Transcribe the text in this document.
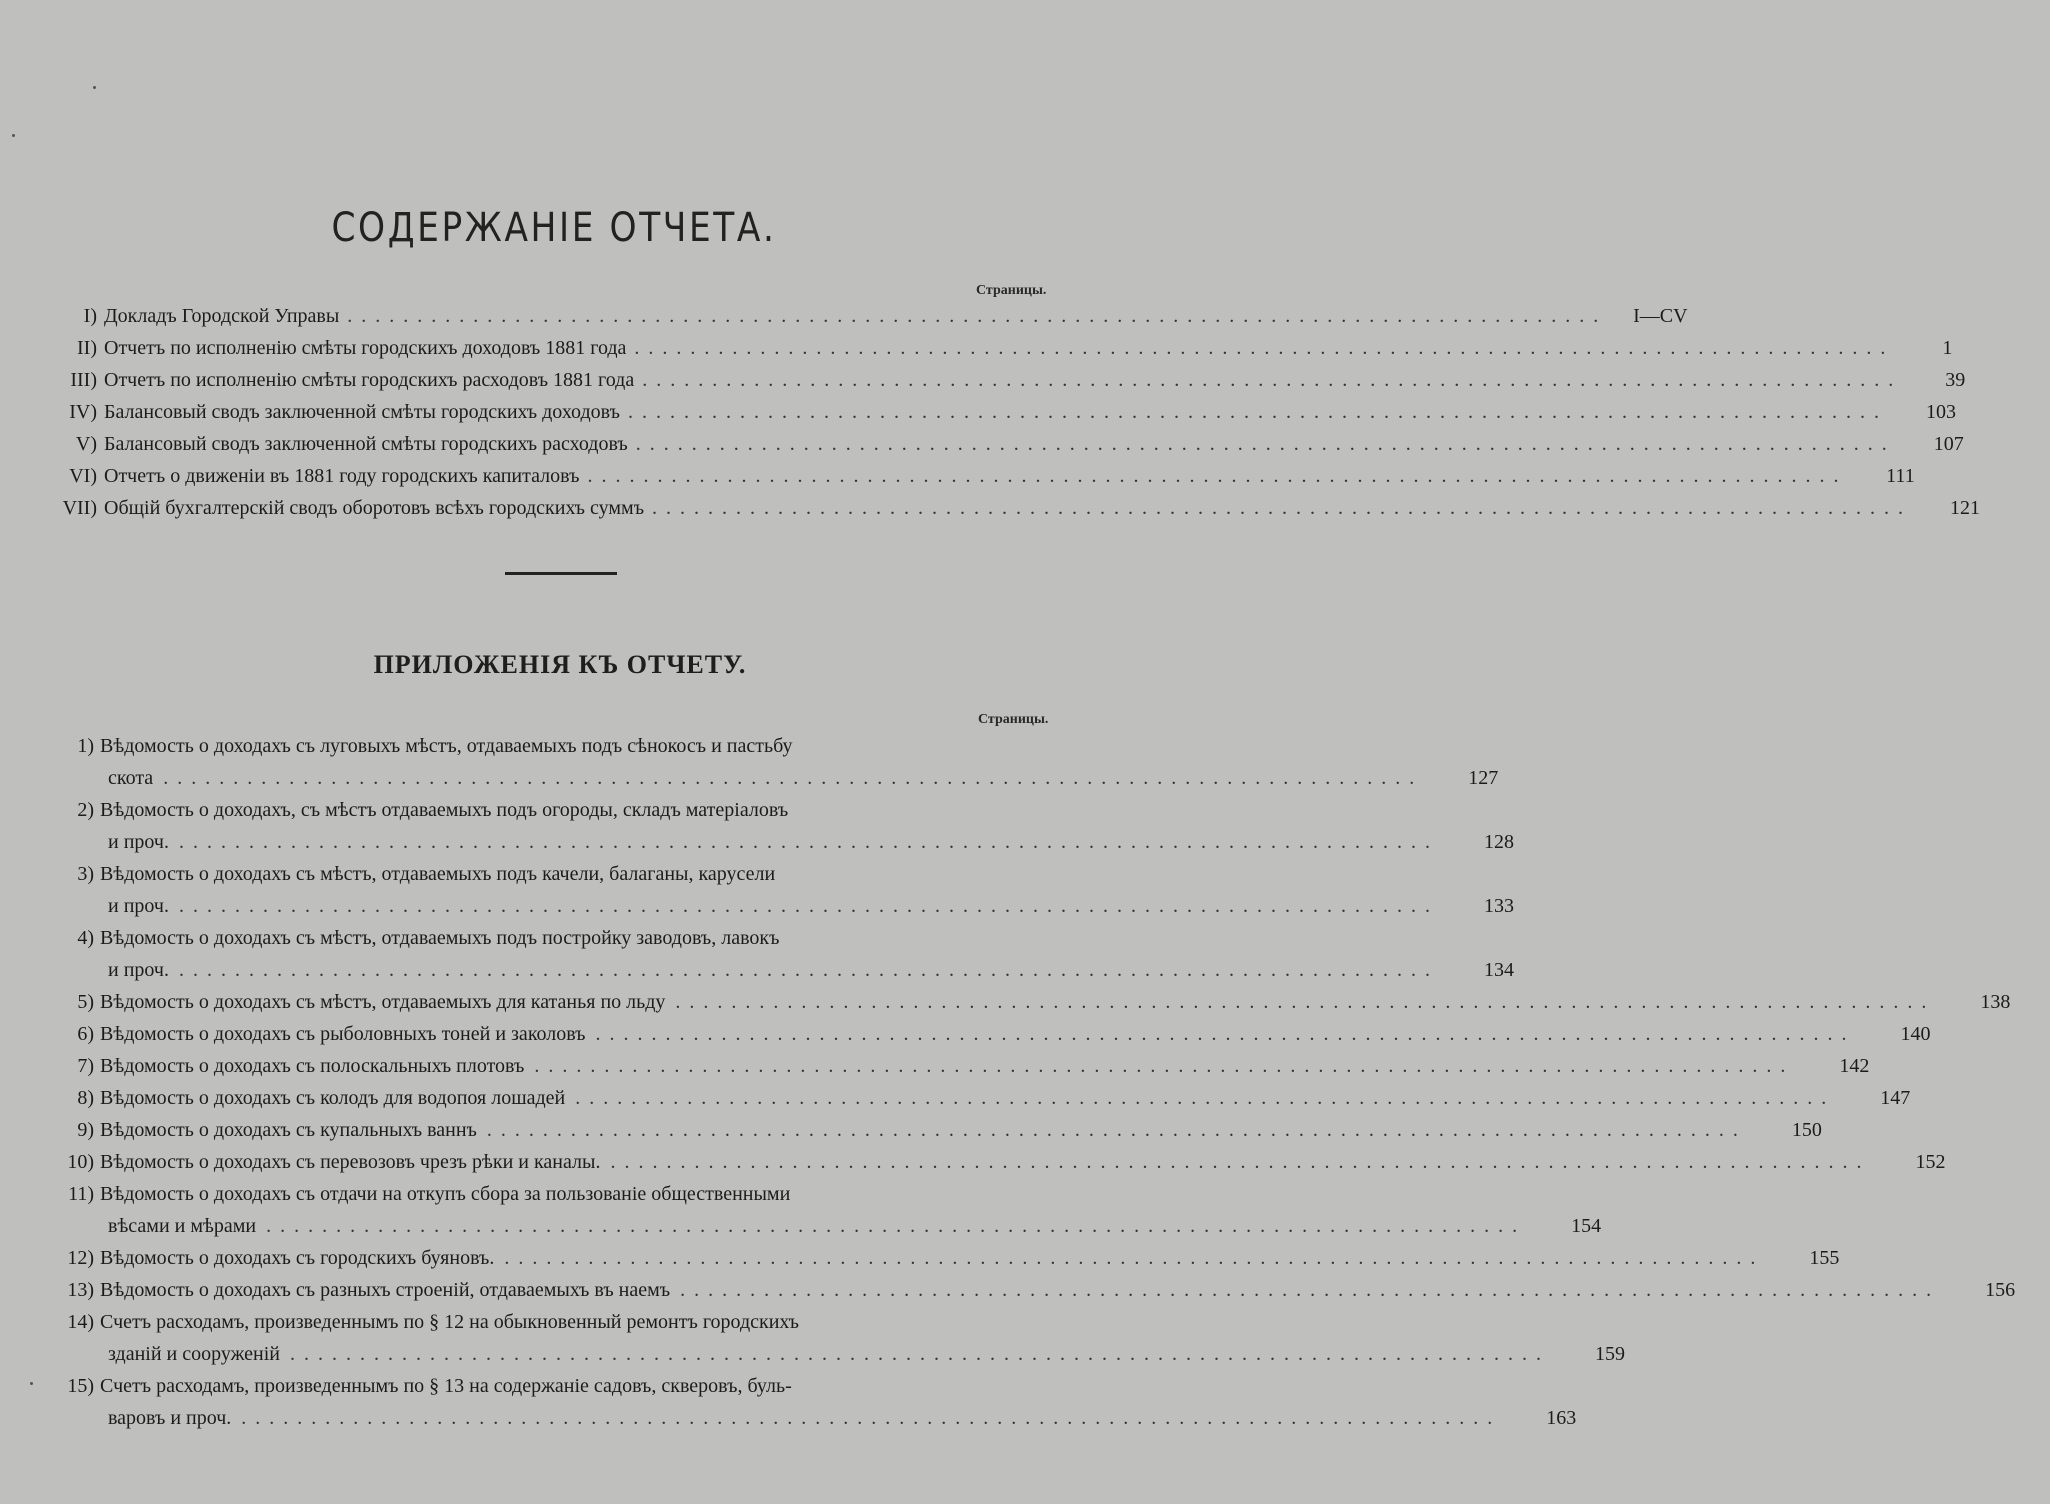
СОДЕРЖАНІЕ ОТЧЕТА.
Страницы.
I) Докладъ Городской Управы ..........................................................................................	I—CV
II) Отчетъ по исполненію смѣты городскихъ доходовъ 1881 года ..........................................................................................	1
III) Отчетъ по исполненію смѣты городскихъ расходовъ 1881 года ..........................................................................................	39
IV) Балансовый сводъ заключенной смѣты городскихъ доходовъ ..........................................................................................	103
V) Балансовый сводъ заключенной смѣты городскихъ расходовъ ..........................................................................................	107
VI) Отчетъ о движеніи въ 1881 году городскихъ капиталовъ ..........................................................................................	111
VII) Общій бухгалтерскій сводъ оборотовъ всѣхъ городскихъ суммъ ..........................................................................................	121
ПРИЛОЖЕНІЯ КЪ ОТЧЕТУ.
Страницы.
1) Вѣдомость о доходахъ съ луговыхъ мѣстъ, отдаваемыхъ подъ сѣнокосъ и пастьбу
скота ..........................................................................................	127
2) Вѣдомость о доходахъ, съ мѣстъ отдаваемыхъ подъ огороды, складъ матеріаловъ
и проч. ..........................................................................................	128
3) Вѣдомость о доходахъ съ мѣстъ, отдаваемыхъ подъ качели, балаганы, карусели
и проч. ..........................................................................................	133
4) Вѣдомость о доходахъ съ мѣстъ, отдаваемыхъ подъ постройку заводовъ, лавокъ
и проч. ..........................................................................................	134
5) Вѣдомость о доходахъ съ мѣстъ, отдаваемыхъ для катанья по льду ..........................................................................................	138
6) Вѣдомость о доходахъ съ рыболовныхъ тоней и заколовъ ..........................................................................................	140
7) Вѣдомость о доходахъ съ полоскальныхъ плотовъ ..........................................................................................	142
8) Вѣдомость о доходахъ съ колодъ для водопоя лошадей ..........................................................................................	147
9) Вѣдомость о доходахъ съ купальныхъ ваннъ ..........................................................................................	150
10) Вѣдомость о доходахъ съ перевозовъ чрезъ рѣки и каналы. ..........................................................................................	152
11) Вѣдомость о доходахъ съ отдачи на откупъ сбора за пользованіе общественными
вѣсами и мѣрами ..........................................................................................	154
12) Вѣдомость о доходахъ съ городскихъ буяновъ. ..........................................................................................	155
13) Вѣдомость о доходахъ съ разныхъ строеній, отдаваемыхъ въ наемъ ..........................................................................................	156
14) Счетъ расходамъ, произведеннымъ по § 12 на обыкновенный ремонтъ городскихъ
зданій и сооруженій ..........................................................................................	159
15) Счетъ расходамъ, произведеннымъ по § 13 на содержаніе садовъ, скверовъ, буль-
варовъ и проч. ..........................................................................................	163
